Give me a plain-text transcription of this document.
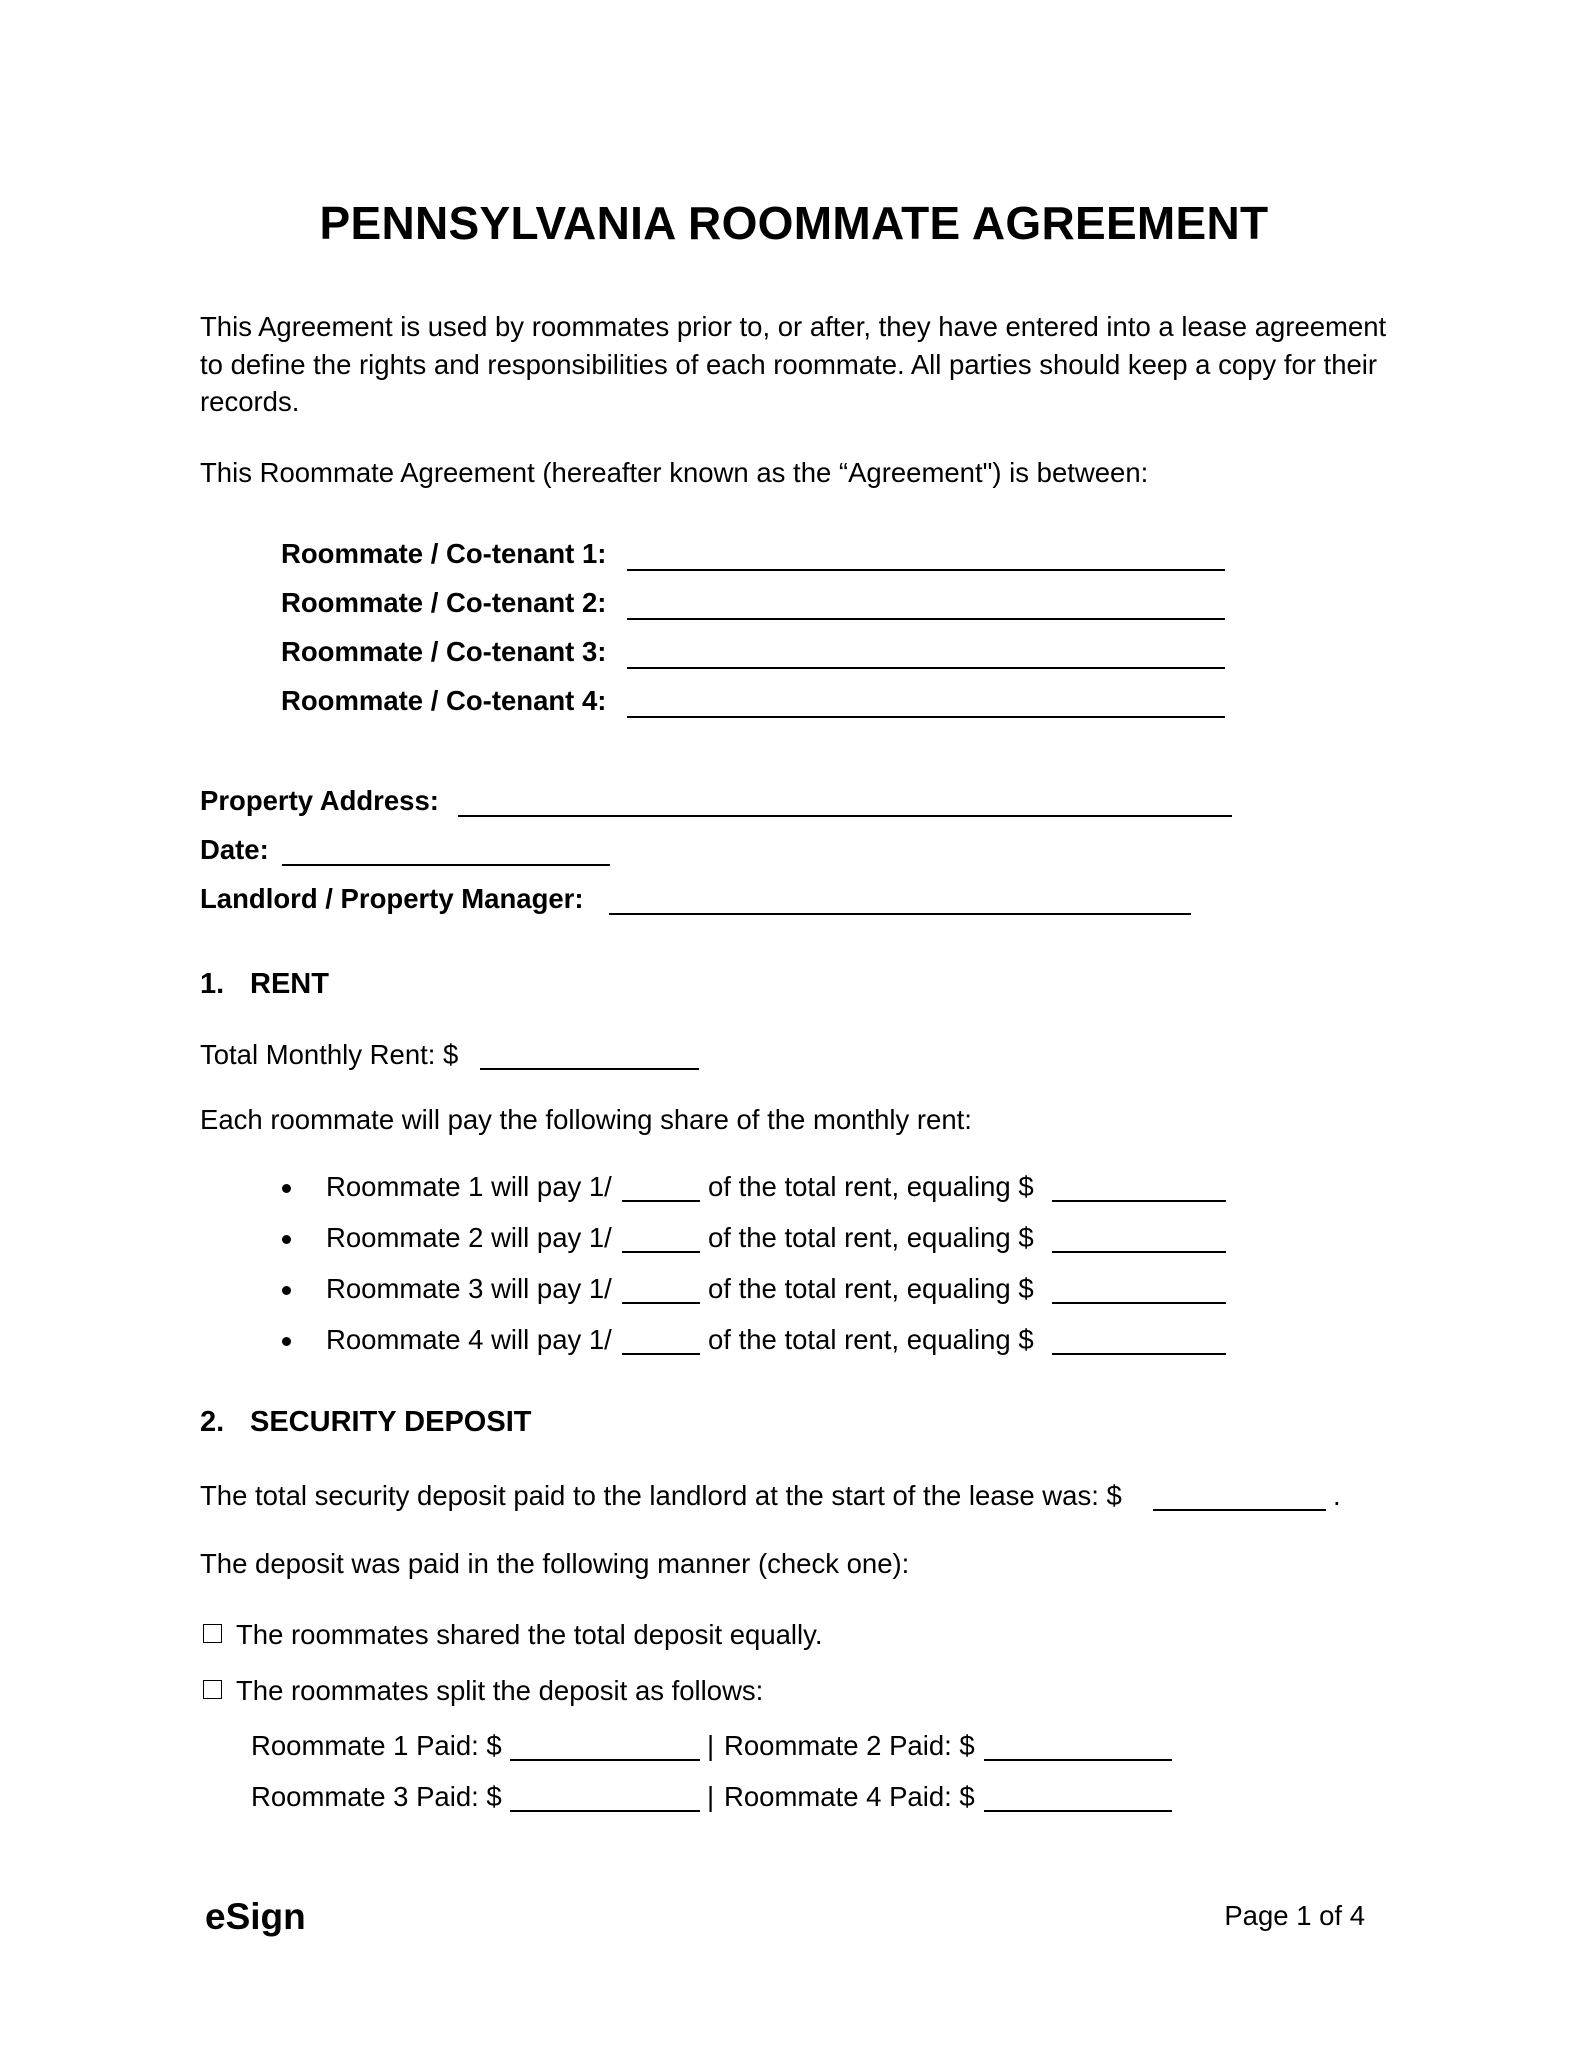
PENNSYLVANIA ROOMMATE AGREEMENT
This Agreement is used by roommates prior to, or after, they have entered into a lease agreement to define the rights and responsibilities of each roommate. All parties should keep a copy for their records.
This Roommate Agreement (hereafter known as the “Agreement") is between:
Roommate / Co-tenant 1:
Roommate / Co-tenant 2:
Roommate / Co-tenant 3:
Roommate / Co-tenant 4:
Property Address:
Date:
Landlord / Property Manager:
1. RENT
Total Monthly Rent: $
Each roommate will pay the following share of the monthly rent:
Roommate 1 will pay 1/	of the total rent, equaling $
Roommate 2 will pay 1/	of the total rent, equaling $
Roommate 3 will pay 1/	of the total rent, equaling $
Roommate 4 will pay 1/	of the total rent, equaling $
2. SECURITY DEPOSIT
The total security deposit paid to the landlord at the start of the lease was: $	.
The deposit was paid in the following manner (check one):
The roommates shared the total deposit equally.
The roommates split the deposit as follows:
Roommate 1 Paid: $	| Roommate 2 Paid: $
Roommate 3 Paid: $	| Roommate 4 Paid: $
eSign	Page 1 of 4
